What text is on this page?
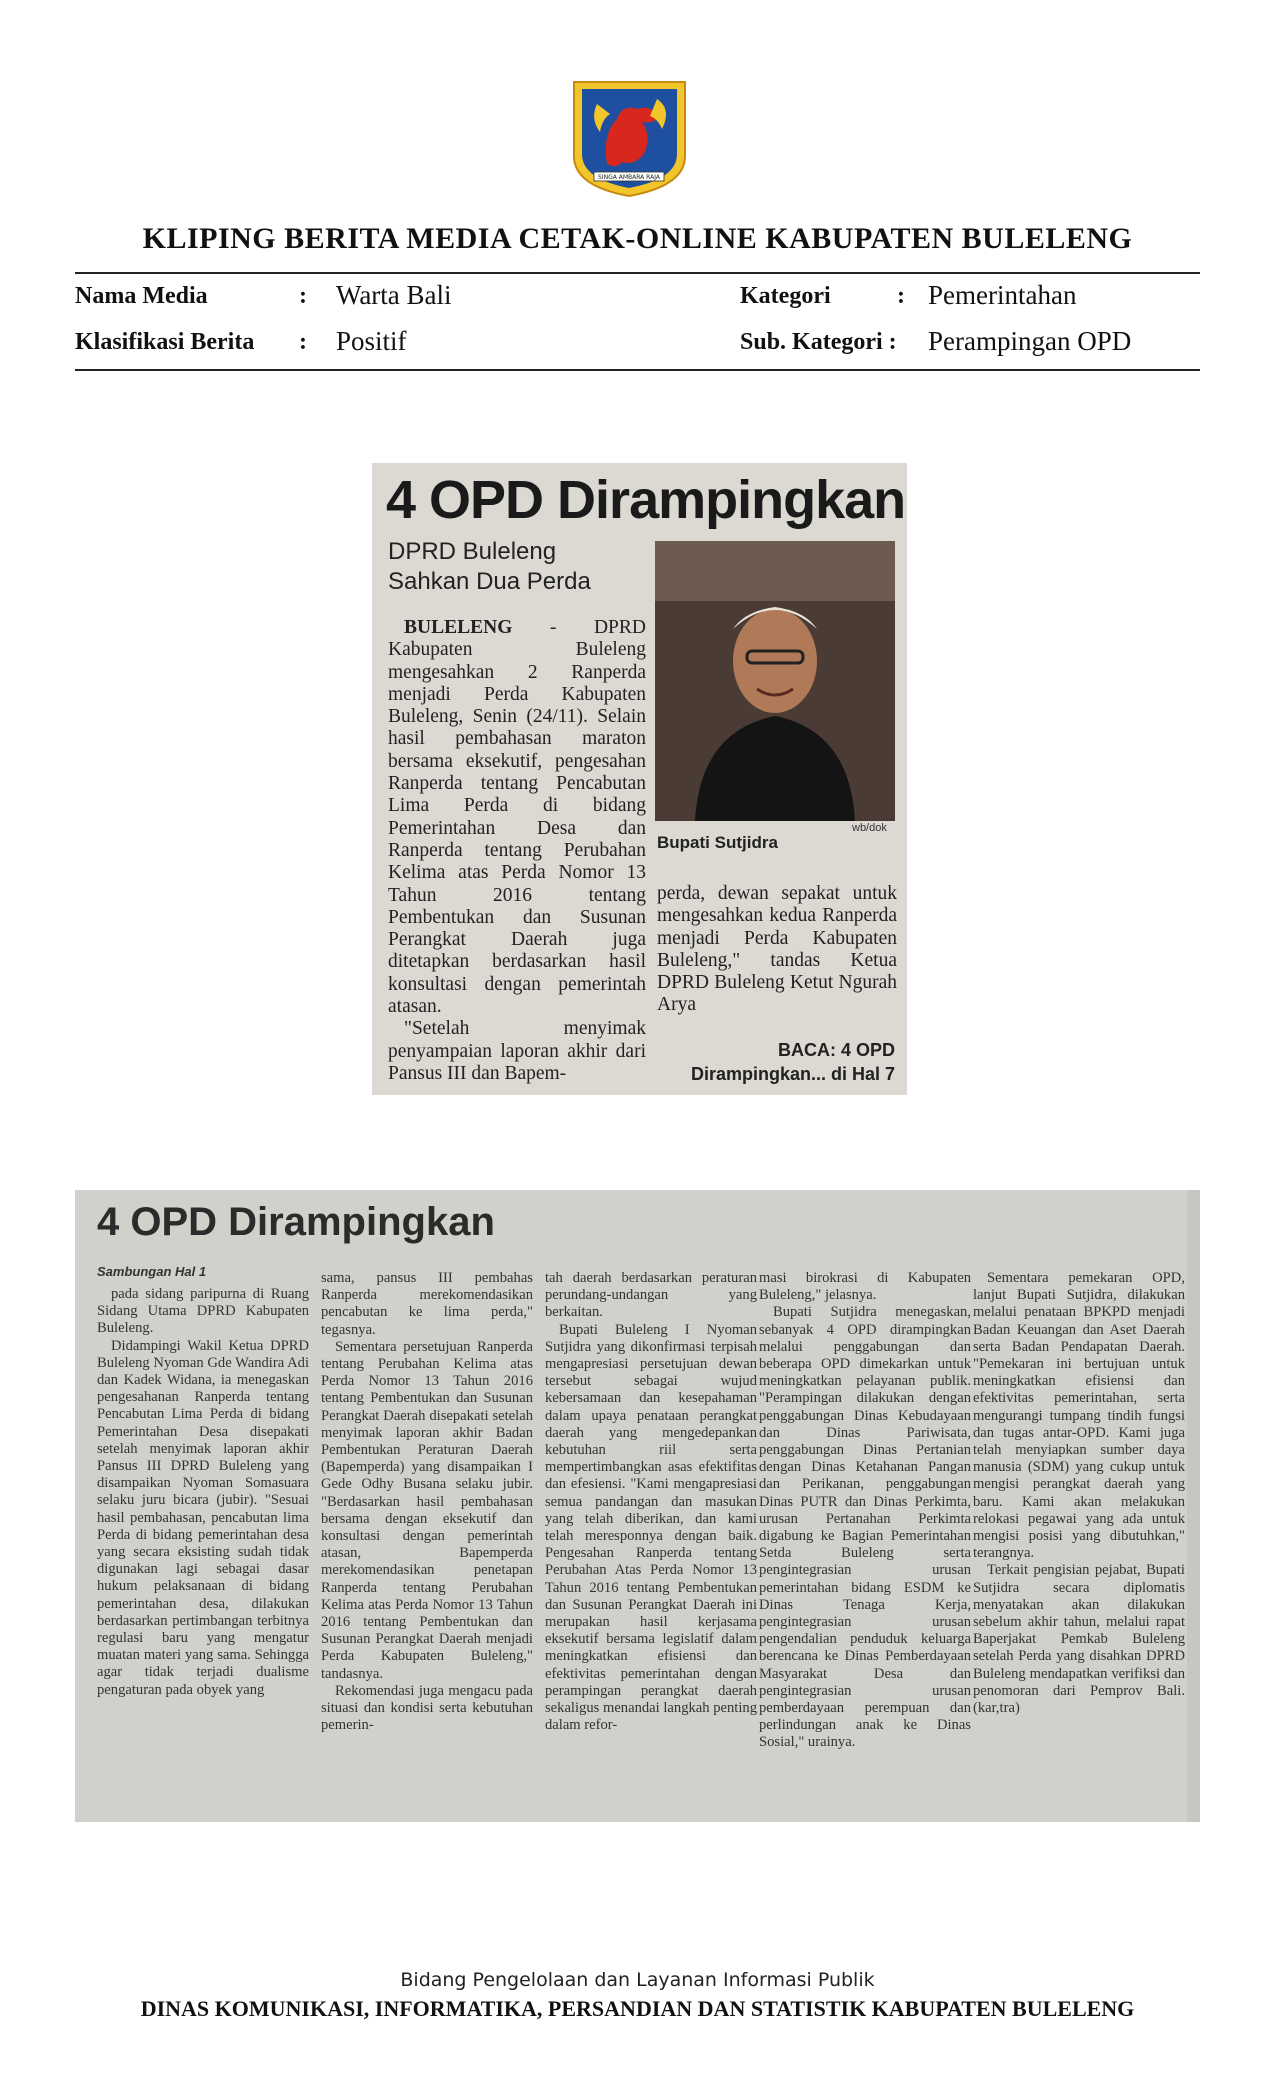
SINGA AMBARA RAJA
KLIPING BERITA MEDIA CETAK-ONLINE KABUPATEN BULELENG
Nama Media	: Warta Bali	Kategori	: Pemerintahan
Klasifikasi Berita : Positif	Sub. Kategori : Perampingan OPD
4 OPD Dirampingkan
DPRD Buleleng
Sahkan Dua Perda

BULELENG - DPRD Kabupaten Buleleng mengesahkan 2 Ranperda menjadi Perda Kabupaten Buleleng, Senin (24/11). Selain hasil pembahasan maraton bersama eksekutif, pengesahan Ranperda tentang Pencabutan Lima Perda di bidang Pemerintahan Desa dan Ranperda tentang Perubahan Kelima atas Perda Nomor 13 Tahun 2016 tentang Pembentukan dan Susunan Perangkat Daerah juga ditetapkan berdasarkan hasil konsultasi dengan pemerintah atasan.

"Setelah menyimak penyampaian laporan akhir dari Pansus III dan Bapem-

wb/dok
Bupati Sutjidra

perda, dewan sepakat untuk mengesahkan kedua Ranperda menjadi Perda Kabupaten Buleleng," tandas Ketua DPRD Buleleng Ketut Ngurah Arya

BACA: 4 OPD
Dirampingkan... di Hal 7
4 OPD Dirampingkan
Sambungan Hal 1

pada sidang paripurna di Ruang Sidang Utama DPRD Kabupaten Buleleng.

Didampingi Wakil Ketua DPRD Buleleng Nyoman Gde Wandira Adi dan Kadek Widana, ia menegaskan pengesahanan Ranperda tentang Pencabutan Lima Perda di bidang Pemerintahan Desa disepakati setelah menyimak laporan akhir Pansus III DPRD Buleleng yang disampaikan Nyoman Somasuara selaku juru bicara (jubir). "Sesuai hasil pembahasan, pencabutan lima Perda di bidang pemerintahan desa yang secara eksisting sudah tidak digunakan lagi sebagai dasar hukum pelaksanaan di bidang pemerintahan desa, dilakukan berdasarkan pertimbangan terbitnya regulasi baru yang mengatur muatan materi yang sama. Sehingga agar tidak terjadi dualisme pengaturan pada obyek yang

sama, pansus III pembahas Ranperda merekomendasikan pencabutan ke lima perda," tegasnya.

Sementara persetujuan Ranperda tentang Perubahan Kelima atas Perda Nomor 13 Tahun 2016 tentang Pembentukan dan Susunan Perangkat Daerah disepakati setelah menyimak laporan akhir Badan Pembentukan Peraturan Daerah (Bapemperda) yang disampaikan I Gede Odhy Busana selaku jubir. "Berdasarkan hasil pembahasan bersama dengan eksekutif dan konsultasi dengan pemerintah atasan, Bapemperda merekomendasikan penetapan Ranperda tentang Perubahan Kelima atas Perda Nomor 13 Tahun 2016 tentang Pembentukan dan Susunan Perangkat Daerah menjadi Perda Kabupaten Buleleng," tandasnya.

Rekomendasi juga mengacu pada situasi dan kondisi serta kebutuhan pemerin-

tah daerah berdasarkan peraturan perundang-undangan yang berkaitan.

Bupati Buleleng I Nyoman Sutjidra yang dikonfirmasi terpisah mengapresiasi persetujuan dewan tersebut sebagai wujud kebersamaan dan kesepahaman dalam upaya penataan perangkat daerah yang mengedepankan kebutuhan riil serta mempertimbangkan asas efektifitas dan efesiensi. "Kami mengapresiasi semua pandangan dan masukan yang telah diberikan, dan kami telah meresponnya dengan baik. Pengesahan Ranperda tentang Perubahan Atas Perda Nomor 13 Tahun 2016 tentang Pembentukan dan Susunan Perangkat Daerah ini merupakan hasil kerjasama eksekutif bersama legislatif dalam meningkatkan efisiensi dan efektivitas pemerintahan dengan perampingan perangkat daerah sekaligus menandai langkah penting dalam refor-

masi birokrasi di Kabupaten Buleleng," jelasnya.

Bupati Sutjidra menegaskan, sebanyak 4 OPD dirampingkan melalui penggabungan dan beberapa OPD dimekarkan untuk meningkatkan pelayanan publik. "Perampingan dilakukan dengan penggabungan Dinas Kebudayaan dan Dinas Pariwisata, penggabungan Dinas Pertanian dengan Dinas Ketahanan Pangan dan Perikanan, penggabungan Dinas PUTR dan Dinas Perkimta, urusan Pertanahan Perkimta digabung ke Bagian Pemerintahan Setda Buleleng serta pengintegrasian urusan pemerintahan bidang ESDM ke Dinas Tenaga Kerja, pengintegrasian urusan pengendalian penduduk keluarga berencana ke Dinas Pemberdayaan Masyarakat Desa dan pengintegrasian urusan pemberdayaan perempuan dan perlindungan anak ke Dinas Sosial," urainya.

Sementara pemekaran OPD, lanjut Bupati Sutjidra, dilakukan melalui penataan BPKPD menjadi Badan Keuangan dan Aset Daerah serta Badan Pendapatan Daerah. "Pemekaran ini bertujuan untuk meningkatkan efisiensi dan efektivitas pemerintahan, serta mengurangi tumpang tindih fungsi dan tugas antar-OPD. Kami juga telah menyiapkan sumber daya manusia (SDM) yang cukup untuk mengisi perangkat daerah yang baru. Kami akan melakukan relokasi pegawai yang ada untuk mengisi posisi yang dibutuhkan," terangnya.

Terkait pengisian pejabat, Bupati Sutjidra secara diplomatis menyatakan akan dilakukan sebelum akhir tahun, melalui rapat Baperjakat Pemkab Buleleng setelah Perda yang disahkan DPRD Buleleng mendapatkan verifiksi dan penomoran dari Pemprov Bali. (kar,tra)

Bidang Pengelolaan dan Layanan Informasi Publik
DINAS KOMUNIKASI, INFORMATIKA, PERSANDIAN DAN STATISTIK KABUPATEN BULELENG
